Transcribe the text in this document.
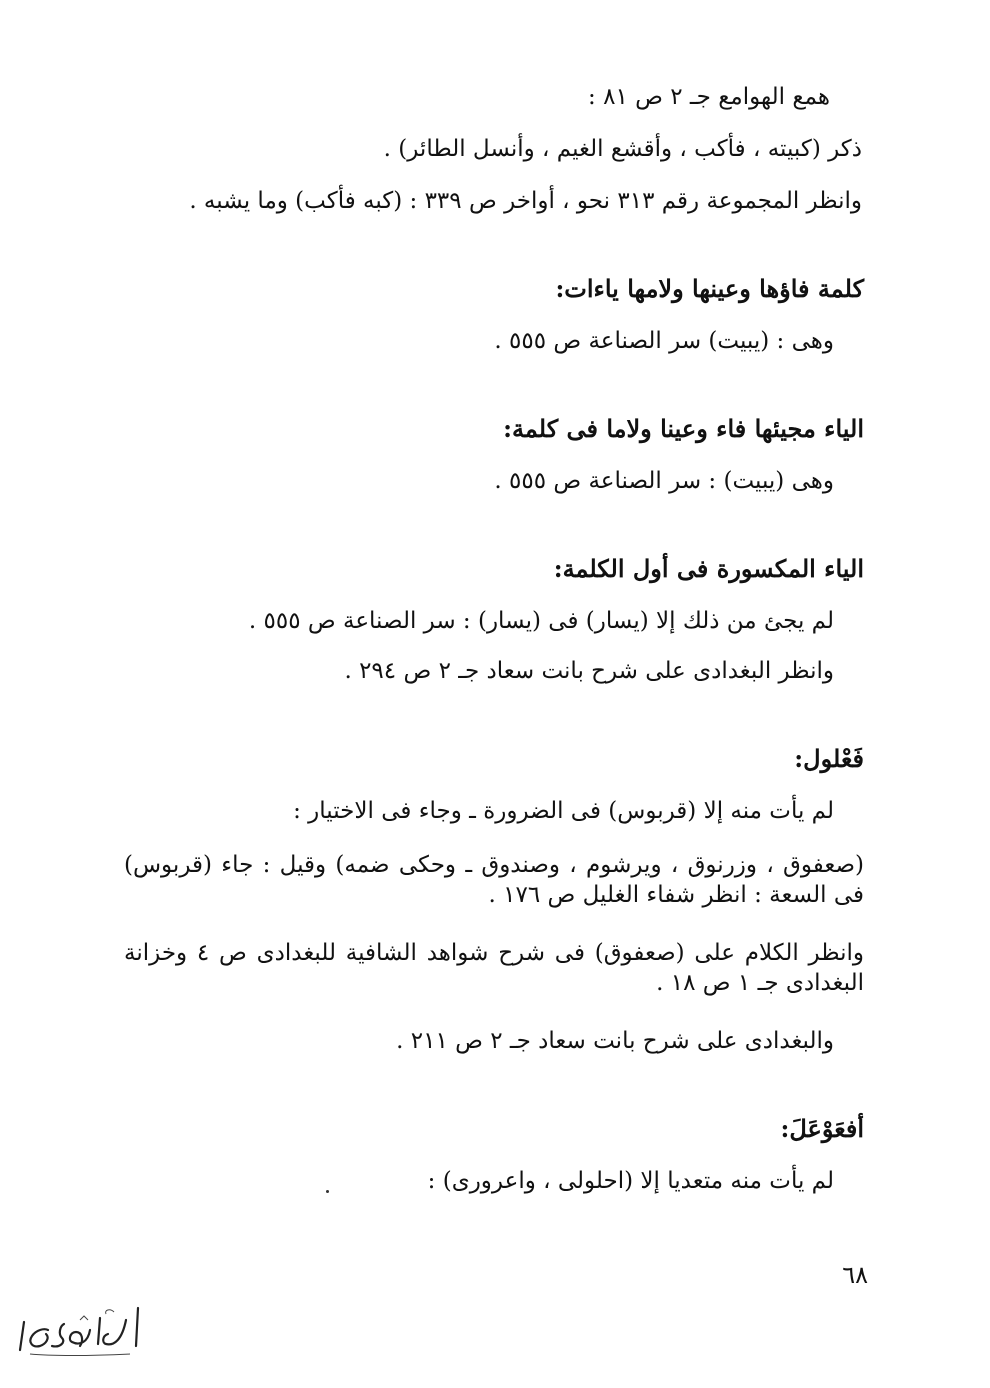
همع الهوامع جـ ٢ ص ٨١ :
ذكر (كبيته ، فأكب ، وأقشع الغيم ، وأنسل الطائر) .
وانظر المجموعة رقم ٣١٣ نحو ، أواخر ص ٣٣٩ : (كبه فأكب) وما يشبه .
كلمة فاؤها وعينها ولامها ياءات:
وهى : (يبيت) سر الصناعة ص ٥٥٥ .
الياء مجيئها فاء وعينا ولاما فى كلمة:
وهى (يبيت) : سر الصناعة ص ٥٥٥ .
الياء المكسورة فى أول الكلمة:
لم يجئ من ذلك إلا (يسار) فى (يسار) : سر الصناعة ص ٥٥٥ .
وانظر البغدادى على شرح بانت سعاد جـ ٢ ص ٢٩٤ .
فَعْلول:
لم يأت منه إلا (قربوس) فى الضرورة ـ وجاء فى الاختيار :
(صعفوق ، وزرنوق ، ويرشوم ، وصندوق ـ وحكى ضمه) وقيل : جاء (قربوس) فى السعة : انظر شفاء الغليل ص ١٧٦ .
وانظر الكلام على (صعفوق) فى شرح شواهد الشافية للبغدادى ص ٤ وخزانة البغدادى جـ ١ ص ١٨ .
والبغدادى على شرح بانت سعاد جـ ٢ ص ٢١١ .
أفعَوْعَلَ:
لم يأت منه متعديا إلا (احلولى ، واعرورى) :
٦٨
